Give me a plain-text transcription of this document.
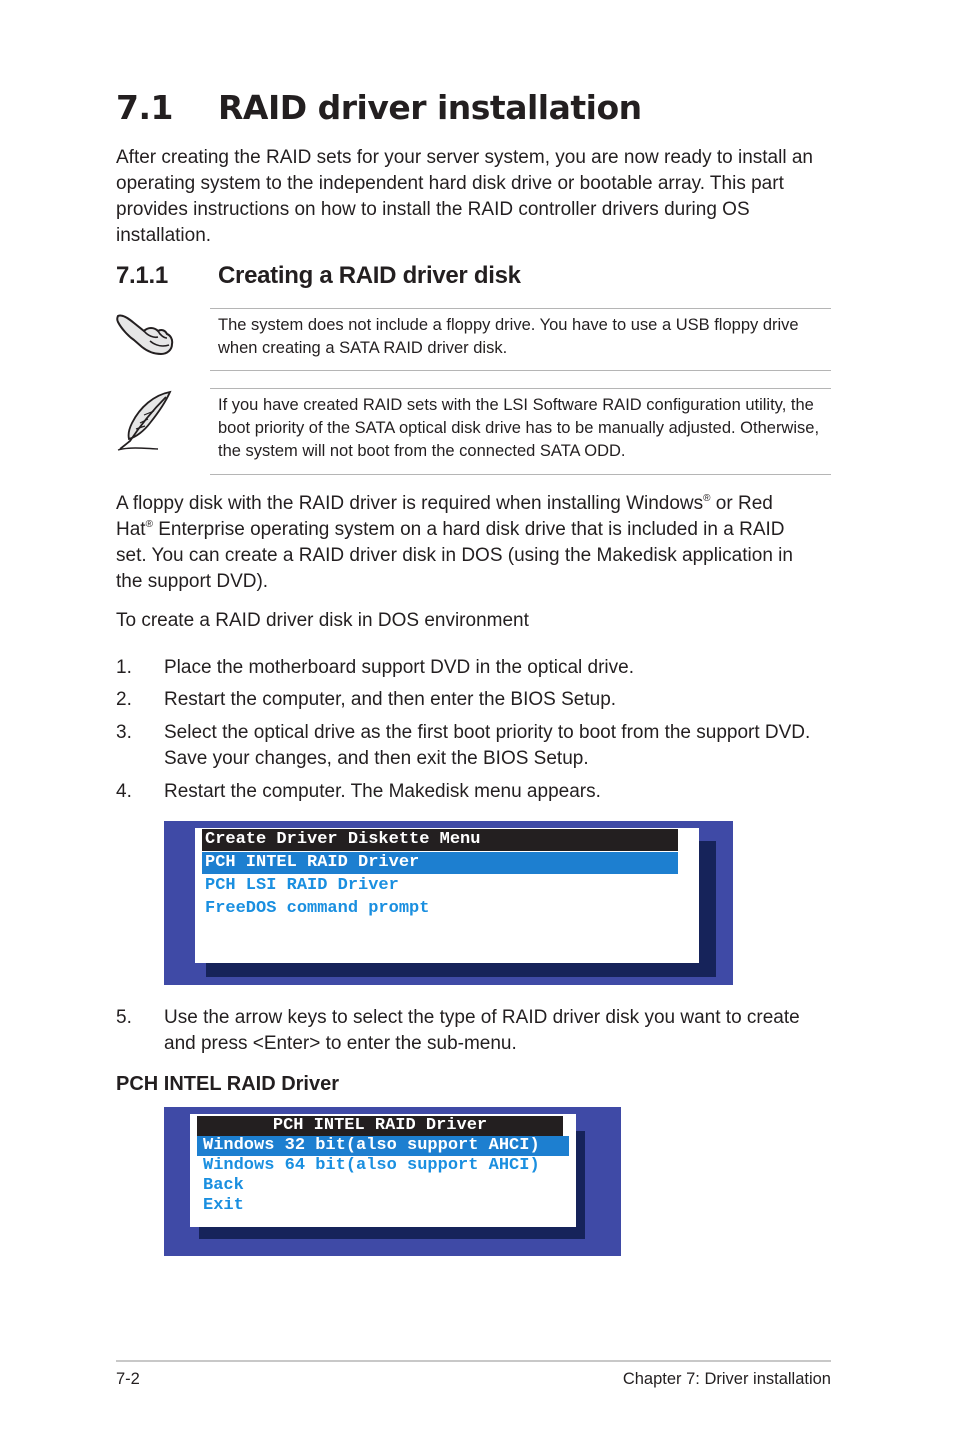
7.1 RAID driver installation
After creating the RAID sets for your server system, you are now ready to install an operating system to the independent hard disk drive or bootable array. This part provides instructions on how to install the RAID controller drivers during OS installation.
7.1.1 Creating a RAID driver disk
The system does not include a floppy drive. You have to use a USB floppy drive when creating a SATA RAID driver disk.
If you have created RAID sets with the LSI Software RAID configuration utility, the boot priority of the SATA optical disk drive has to be manually adjusted. Otherwise, the system will not boot from the connected SATA ODD.
A floppy disk with the RAID driver is required when installing Windows® or Red Hat® Enterprise operating system on a hard disk drive that is included in a RAID set. You can create a RAID driver disk in DOS (using the Makedisk application in the support DVD).
To create a RAID driver disk in DOS environment
1. Place the motherboard support DVD in the optical drive.
2. Restart the computer, and then enter the BIOS Setup.
3. Select the optical drive as the first boot priority to boot from the support DVD. Save your changes, and then exit the BIOS Setup.
4. Restart the computer. The Makedisk menu appears.
Create Driver Diskette Menu
PCH INTEL RAID Driver
PCH LSI RAID Driver
FreeDOS command prompt
5. Use the arrow keys to select the type of RAID driver disk you want to create and press <Enter> to enter the sub-menu.
PCH INTEL RAID Driver
PCH INTEL RAID Driver
Windows 32 bit(also support AHCI)
Windows 64 bit(also support AHCI)
Back
Exit
7-2	Chapter 7: Driver installation
